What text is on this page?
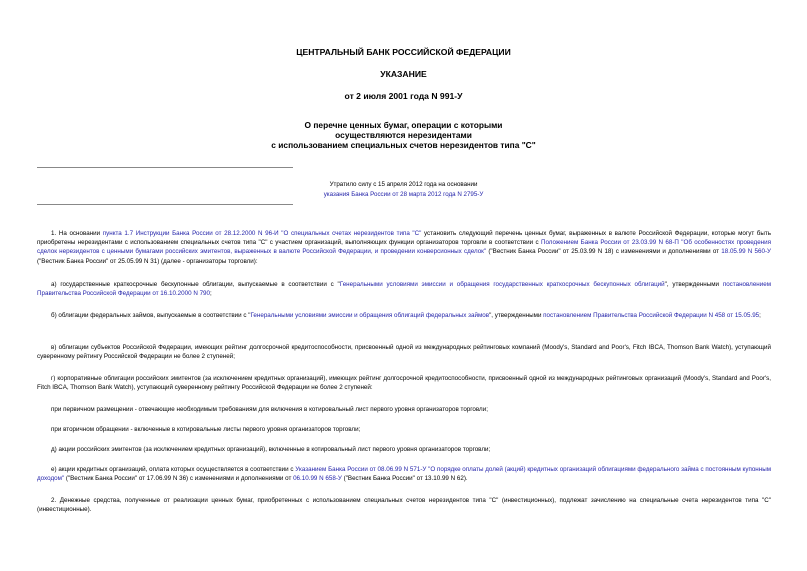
ЦЕНТРАЛЬНЫЙ БАНК РОССИЙСКОЙ ФЕДЕРАЦИИ
УКАЗАНИЕ
от 2 июля 2001 года N 991-У
О перечне ценных бумаг, операции с которыми
осуществляются нерезидентами
с использованием специальных счетов нерезидентов типа "С"
Утратило силу с 15 апреля 2012 года на основании
указания Банка России от 28 марта 2012 года N 2795-У

1. На основании пункта 1.7 Инструкции Банка России от 28.12.2000 N 96-И "О специальных счетах нерезидентов типа "С" установить следующий перечень ценных бумаг, выраженных в валюте Российской Федерации, которые могут быть приобретены нерезидентами с использованием специальных счетов типа "С" с участием организаций, выполняющих функции организаторов торговли в соответствии с Положением Банка России от 23.03.99 N 68-П "Об особенностях проведения сделок нерезидентов с ценными бумагами российских эмитентов, выраженных в валюте Российской Федерации, и проведении конверсионных сделок" ("Вестник Банка России" от 25.03.99 N 18) с изменениями и дополнениями от 18.05.99 N 560-У ("Вестник Банка России" от 25.05.99 N 31) (далее - организаторы торговли):

а) государственные краткосрочные бескупонные облигации, выпускаемые в соответствии с "Генеральными условиями эмиссии и обращения государственных краткосрочных бескупонных облигаций", утвержденными постановлением Правительства Российской Федерации от 16.10.2000 N 790;

б) облигации федеральных займов, выпускаемые в соответствии с "Генеральными условиями эмиссии и обращения облигаций федеральных займов", утвержденными постановлением Правительства Российской Федерации N 458 от 15.05.95;

в) облигации субъектов Российской Федерации, имеющих рейтинг долгосрочной кредитоспособности, присвоенный одной из международных рейтинговых компаний (Moody's, Standard and Poor's, Fitch IBCA, Thomson Bank Watch), уступающий суверенному рейтингу Российской Федерации не более 2 ступеней;

г) корпоративные облигации российских эмитентов (за исключением кредитных организаций), имеющих рейтинг долгосрочной кредитоспособности, присвоенный одной из международных рейтинговых организаций (Moody's, Standard and Poor's, Fitch IBCA, Thomson Bank Watch), уступающий суверенному рейтингу Российской Федерации не более 2 ступеней:

при первичном размещении - отвечающие необходимым требованиям для включения в котировальный лист первого уровня организаторов торговли;

при вторичном обращении - включенные в котировальные листы первого уровня организаторов торговли;

д) акции российских эмитентов (за исключением кредитных организаций), включенные в котировальный лист первого уровня организаторов торговли;

е) акции кредитных организаций, оплата которых осуществляется в соответствии с Указанием Банка России от 08.06.99 N 571-У "О порядке оплаты долей (акций) кредитных организаций облигациями федерального займа с постоянным купонным доходом" ("Вестник Банка России" от 17.06.99 N 36) с изменениями и дополнениями от 06.10.99 N 658-У ("Вестник Банка России" от 13.10.99 N 62).

2. Денежные средства, полученные от реализации ценных бумаг, приобретенных с использованием специальных счетов нерезидентов типа "С" (инвестиционных), подлежат зачислению на специальные счета нерезидентов типа "С" (инвестиционные).
